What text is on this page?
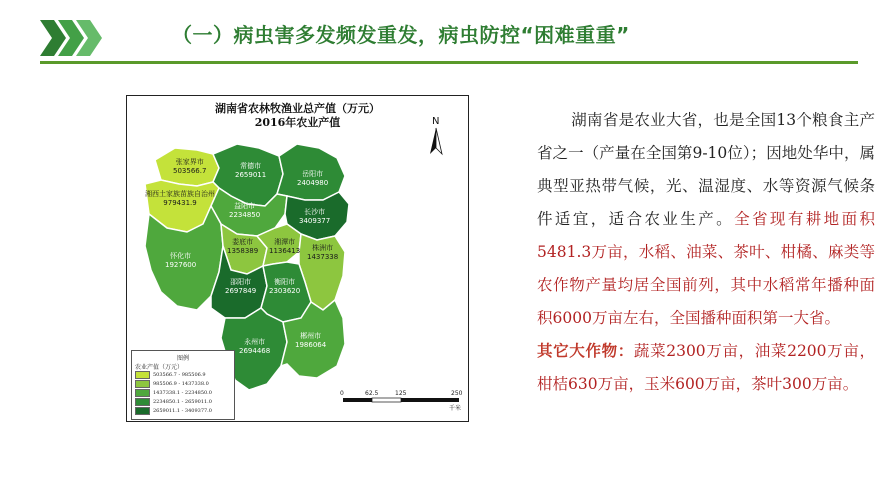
（一）病虫害多发频发重发，病虫防控“困难重重”
湖南省农林牧渔业总产值（万元）
2016年农业产值	N
0	62.5	125	250
千米
张家界市
503566.7
常德市
2659011	岳阳市
2404980
湘西土家族苗族自治州
979431.9	益阳市
2234850	长沙市
3409377
怀化市
1927600
娄底市
1358389
湘潭市
1136413	株洲市
1437338
邵阳市
2697849
衡阳市
2303620
永州市
2694468
郴州市
1986064
图例
农业产值（万元）
503566.7 - 985506.9
985506.9 - 1437338.0
1437338.1 - 2234850.0
2234850.1 - 2659011.0
2659011.1 - 3409377.0

湖南省是农业大省，也是全国13个粮食主产省之一（产量在全国第9-10位）；因地处华中，属典型亚热带气候，光、温湿度、水等资源气候条件适宜，适合农业生产。全省现有耕地面积5481.3万亩，水稻、油菜、茶叶、柑橘、麻类等农作物产量均居全国前列，其中水稻常年播种面积6000万亩左右，全国播种面积第一大省。

其它大作物：蔬菜2300万亩，油菜2200万亩，柑桔630万亩，玉米600万亩，茶叶300万亩。
